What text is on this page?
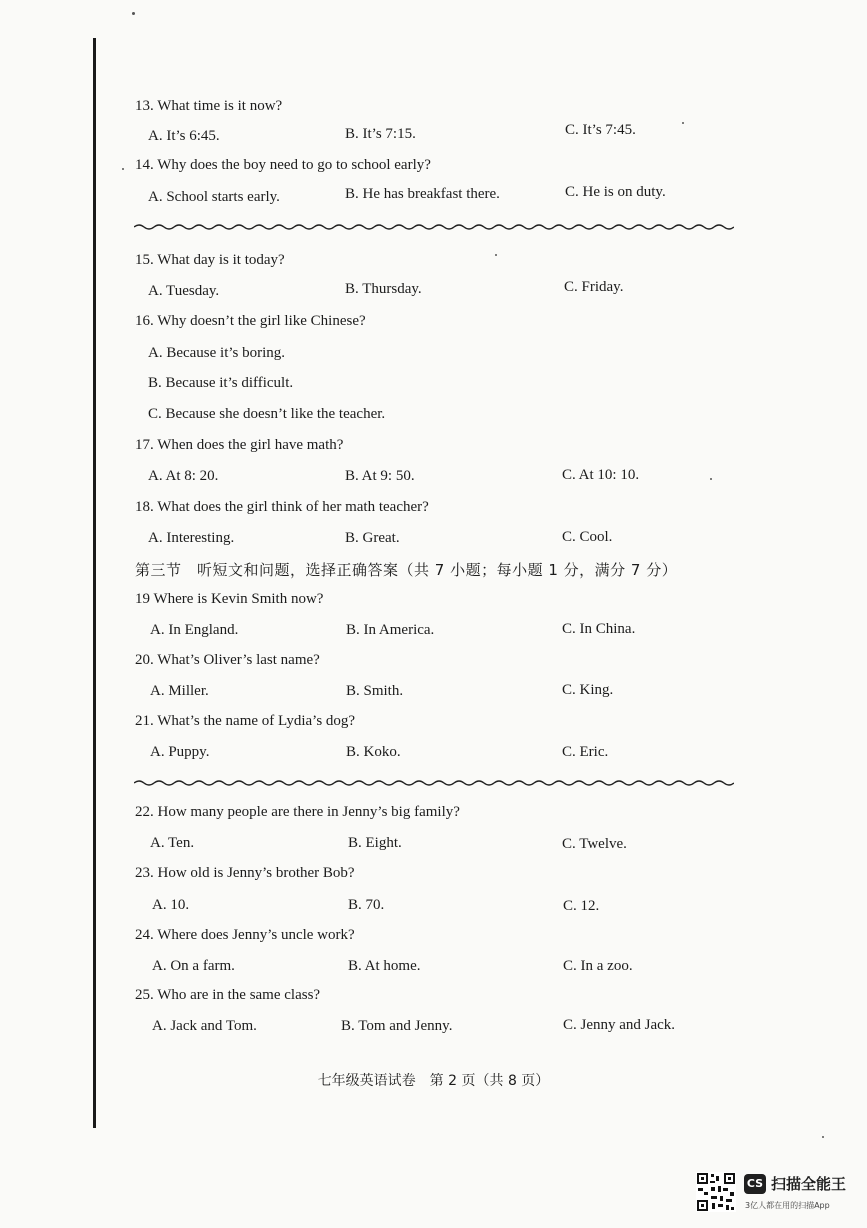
13. What time is it now?
A. It’s 6:45.	B. It’s 7:15.	C. It’s 7:45.
14. Why does the boy need to go to school early?
A. School starts early.	B. He has breakfast there.	C. He is on duty.
15. What day is it today?
A. Tuesday.	B. Thursday.	C. Friday.
16. Why doesn’t the girl like Chinese?
A. Because it’s boring.
B. Because it’s difficult.
C. Because she doesn’t like the teacher.
17. When does the girl have math?
A. At 8: 20.	B. At 9: 50.	C. At 10: 10.
18. What does the girl think of her math teacher?
A. Interesting.	B. Great.	C. Cool.
第三节　听短文和问题，选择正确答案（共 7 小题；每小题 1 分，满分 7 分）
19 Where is Kevin Smith now?
A. In England.	B. In America.	C. In China.
20. What’s Oliver’s last name?
A. Miller.	B. Smith.	C. King.
21. What’s the name of Lydia’s dog?
A. Puppy.	B. Koko.	C. Eric.
22. How many people are there in Jenny’s big family?
A. Ten.	B. Eight.	C. Twelve.
23. How old is Jenny’s brother Bob?
A. 10.	B. 70.	C. 12.
24. Where does Jenny’s uncle work?
A. On a farm.	B. At home.	C. In a zoo.
25. Who are in the same class?
A. Jack and Tom.	B. Tom and Jenny.	C. Jenny and Jack.
七年级英语试卷　第 2 页（共 8 页）
CS 扫描全能王
3亿人都在用的扫描App
